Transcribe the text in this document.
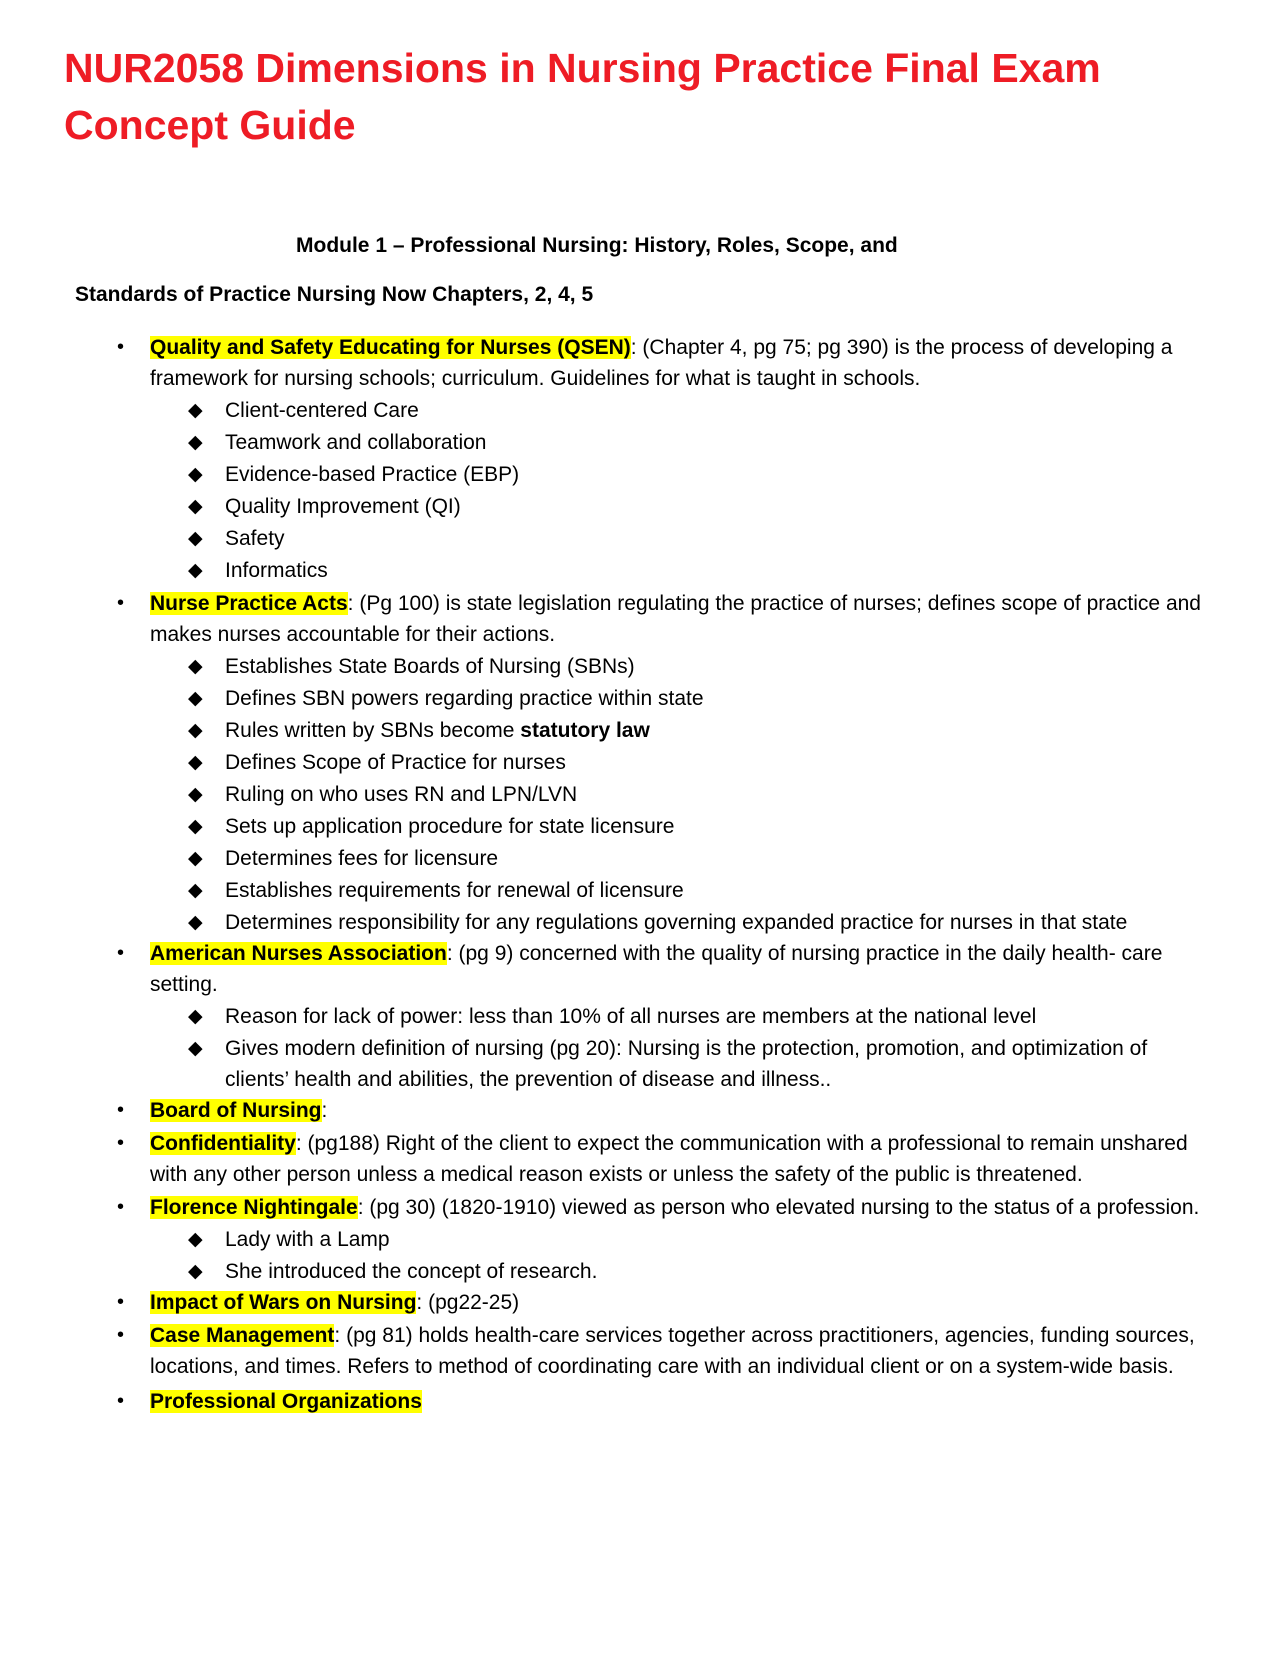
NUR2058 Dimensions in Nursing Practice Final Exam Concept Guide
Module 1 – Professional Nursing: History, Roles, Scope, and
Standards of Practice Nursing Now Chapters, 2, 4, 5
• Quality and Safety Educating for Nurses (QSEN): (Chapter 4, pg 75; pg 390) is the process of developing a framework for nursing schools; curriculum. Guidelines for what is taught in schools.
◆ Client-centered Care
◆ Teamwork and collaboration
◆ Evidence-based Practice (EBP)
◆ Quality Improvement (QI)
◆ Safety
◆ Informatics
• Nurse Practice Acts: (Pg 100) is state legislation regulating the practice of nurses; defines scope of practice and makes nurses accountable for their actions.
◆ Establishes State Boards of Nursing (SBNs)
◆ Defines SBN powers regarding practice within state
◆ Rules written by SBNs become statutory law
◆ Defines Scope of Practice for nurses
◆ Ruling on who uses RN and LPN/LVN
◆ Sets up application procedure for state licensure
◆ Determines fees for licensure
◆ Establishes requirements for renewal of licensure
◆ Determines responsibility for any regulations governing expanded practice for nurses in that state
• American Nurses Association: (pg 9) concerned with the quality of nursing practice in the daily health- care setting.
◆ Reason for lack of power: less than 10% of all nurses are members at the national level
◆ Gives modern definition of nursing (pg 20): Nursing is the protection, promotion, and optimization of clients’ health and abilities, the prevention of disease and illness..
• Board of Nursing:
• Confidentiality: (pg188) Right of the client to expect the communication with a professional to remain unshared with any other person unless a medical reason exists or unless the safety of the public is threatened.
• Florence Nightingale: (pg 30) (1820-1910) viewed as person who elevated nursing to the status of a profession.
◆ Lady with a Lamp
◆ She introduced the concept of research.
• Impact of Wars on Nursing: (pg22-25)
• Case Management: (pg 81) holds health-care services together across practitioners, agencies, funding sources, locations, and times. Refers to method of coordinating care with an individual client or on a system-wide basis.
• Professional Organizations
